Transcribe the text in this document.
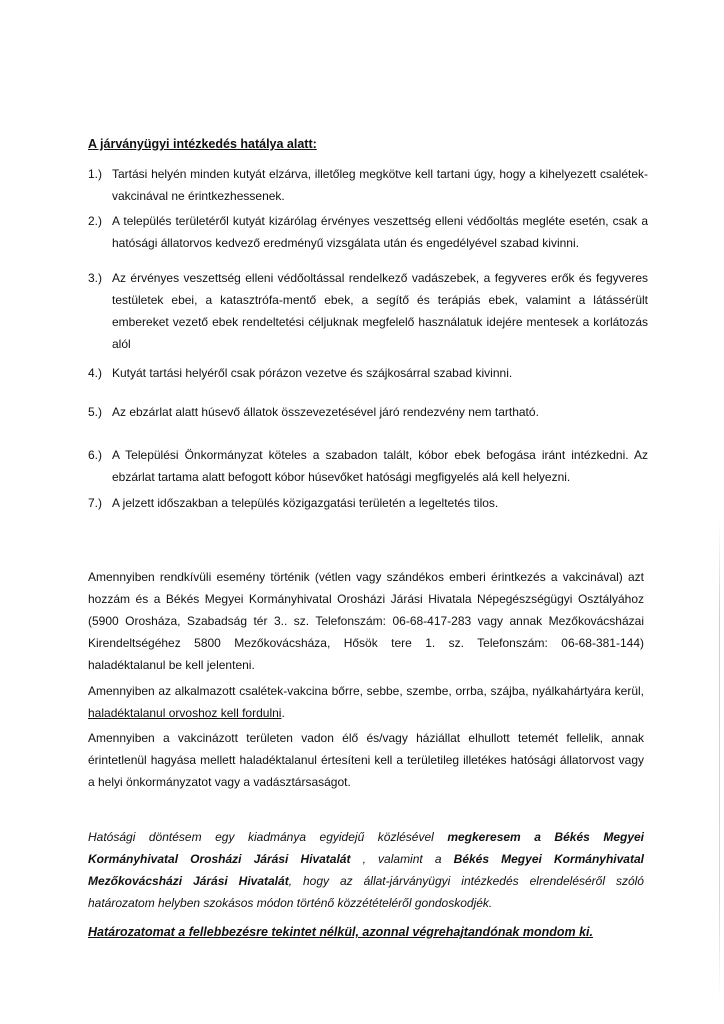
A járványügyi intézkedés hatálya alatt:

1.) Tartási helyén minden kutyát elzárva, illetőleg megkötve kell tartani úgy, hogy a kihelyezett csalétek-vakcinával ne érintkezhessenek.
2.) A település területéről kutyát kizárólag érvényes veszettség elleni védőoltás megléte esetén, csak a hatósági állatorvos kedvező eredményű vizsgálata után és engedélyével szabad kivinni.
3.) Az érvényes veszettség elleni védőoltással rendelkező vadászebek, a fegyveres erők és fegyveres testületek ebei, a katasztrófa-mentő ebek, a segítő és terápiás ebek, valamint a látássérült embereket vezető ebek rendeltetési céljuknak megfelelő használatuk idejére mentesek a korlátozás alól
4.) Kutyát tartási helyéről csak pórázon vezetve és szájkosárral szabad kivinni.
5.) Az ebzárlat alatt húsevő állatok összevezetésével járó rendezvény nem tartható.
6.) A Települési Önkormányzat köteles a szabadon talált, kóbor ebek befogása iránt intézkedni. Az ebzárlat tartama alatt befogott kóbor húsevőket hatósági megfigyelés alá kell helyezni.
7.) A jelzett időszakban a település közigazgatási területén a legeltetés tilos.

Amennyiben rendkívüli esemény történik (vétlen vagy szándékos emberi érintkezés a vakcinával) azt hozzám és a Békés Megyei Kormányhivatal Orosházi Járási Hivatala Népegészségügyi Osztályához (5900 Orosháza, Szabadság tér 3.. sz. Telefonszám: 06-68-417-283 vagy annak Mezőkovácsházai Kirendeltségéhez 5800 Mezőkovácsháza, Hősök tere 1. sz. Telefonszám: 06-68-381-144) haladéktalanul be kell jelenteni.

Amennyiben az alkalmazott csalétek-vakcina bőrre, sebbe, szembe, orrba, szájba, nyálkahártyára kerül, haladéktalanul orvoshoz kell fordulni.

Amennyiben a vakcinázott területen vadon élő és/vagy háziállat elhullott tetemét fellelik, annak érintetlenül hagyása mellett haladéktalanul értesíteni kell a területileg illetékes hatósági állatorvost vagy a helyi önkormányzatot vagy a vadásztársaságot.

Hatósági döntésem egy kiadmánya egyidejű közlésével megkeresem a Békés Megyei Kormányhivatal Orosházi Járási Hivatalát , valamint a Békés Megyei Kormányhivatal Mezőkovácsházi Járási Hivatalát, hogy az állat-járványügyi intézkedés elrendeléséről szóló határozatom helyben szokásos módon történő közzétételéről gondoskodjék.

Határozatomat a fellebbezésre tekintet nélkül, azonnal végrehajtandónak mondom ki.
